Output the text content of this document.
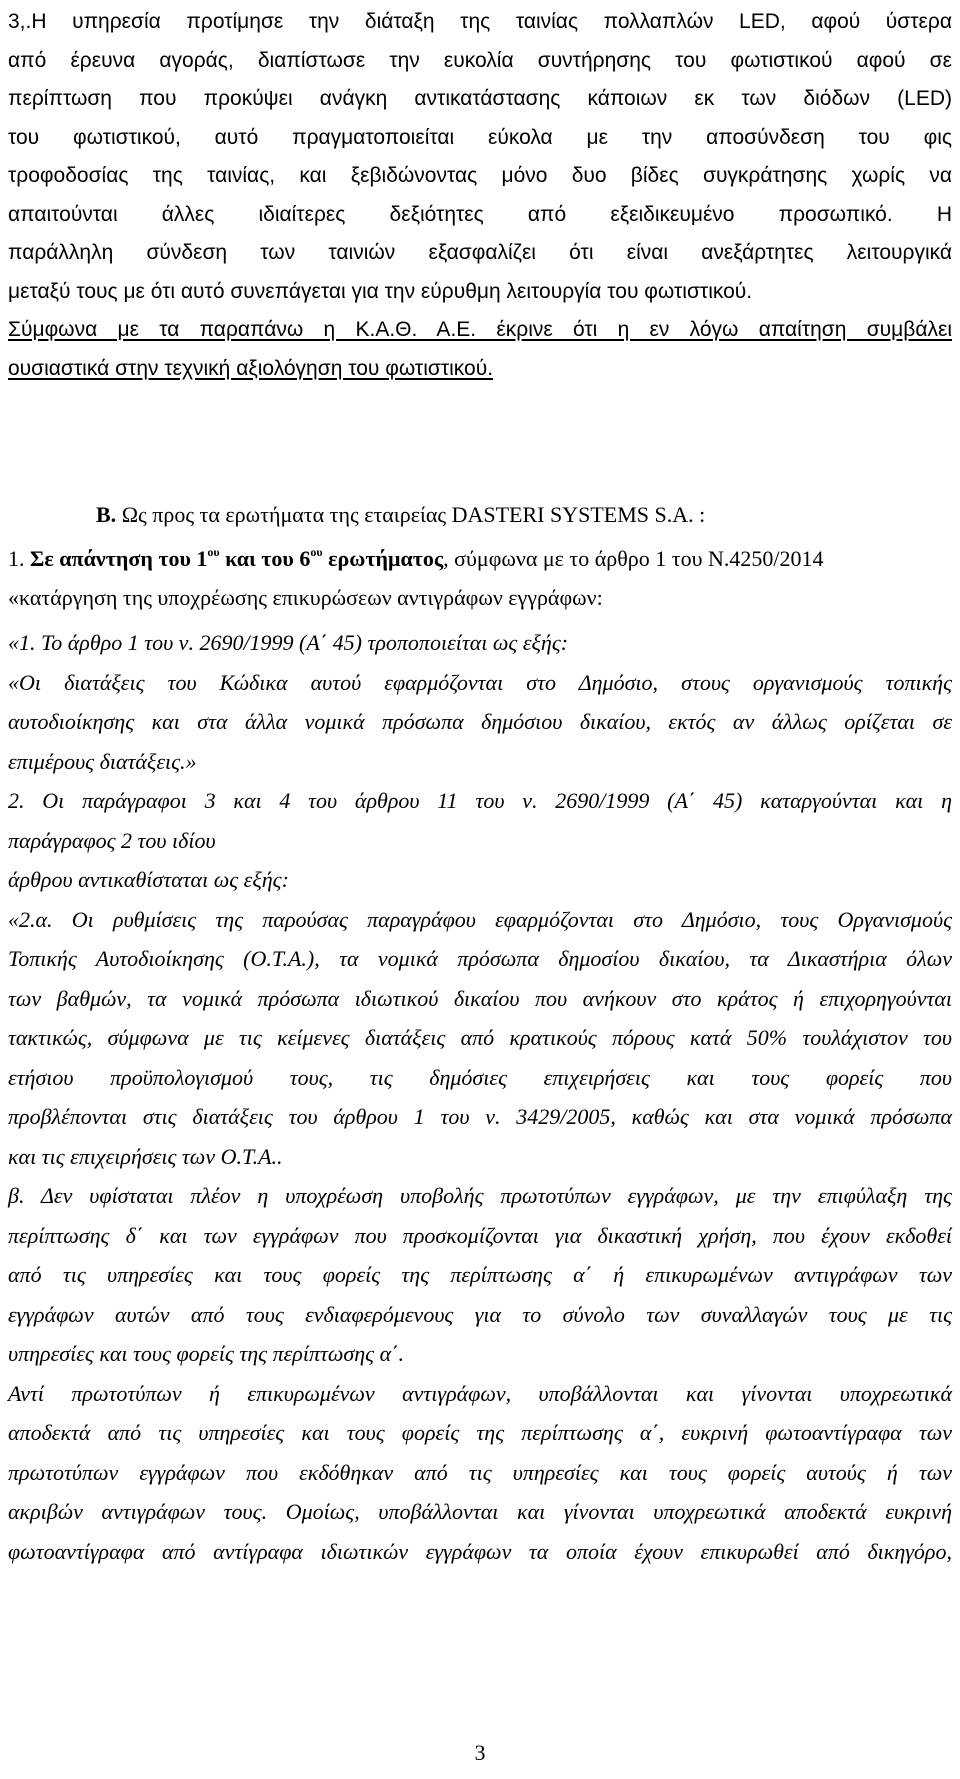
3,.Η υπηρεσία προτίμησε την διάταξη της ταινίας πολλαπλών LED, αφού ύστερα
από έρευνα αγοράς, διαπίστωσε την ευκολία συντήρησης του φωτιστικού αφού σε
περίπτωση που προκύψει ανάγκη αντικατάστασης κάποιων εκ των διόδων (LED)
του φωτιστικού, αυτό πραγματοποιείται εύκολα με την αποσύνδεση του φις
τροφοδοσίας της ταινίας, και ξεβιδώνοντας μόνο δυο βίδες συγκράτησης χωρίς να
απαιτούνται άλλες ιδιαίτερες δεξιότητες από εξειδικευμένο προσωπικό. Η
παράλληλη σύνδεση των ταινιών εξασφαλίζει ότι είναι ανεξάρτητες λειτουργικά
μεταξύ τους με ότι αυτό συνεπάγεται για την εύρυθμη λειτουργία του φωτιστικού.
Σύμφωνα με τα παραπάνω η Κ.Α.Θ. Α.Ε. έκρινε ότι η εν λόγω απαίτηση συμβάλει
ουσιαστικά στην τεχνική αξιολόγηση του φωτιστικού.
B. Ως προς τα ερωτήματα της εταιρείας DASTERI SYSTEMS S.A. :
1. Σε απάντηση του $1^{o\upsilon}$ και του $6^{o\upsilon}$ ερωτήματος, σύμφωνα με το άρθρο 1 του Ν.4250/2014
«κατάργηση της υποχρέωσης επικυρώσεων αντιγράφων εγγράφων:
«1. Το άρθρο 1 του ν. 2690/1999 (Α΄ 45) τροποποιείται ως εξής:
«Οι διατάξεις του Κώδικα αυτού εφαρμόζονται στο Δημόσιο, στους οργανισμούς τοπικής
αυτοδιοίκησης και στα άλλα νομικά πρόσωπα δημόσιου δικαίου, εκτός αν άλλως ορίζεται σε
επιμέρους διατάξεις.»
2. Οι παράγραφοι 3 και 4 του άρθρου 11 του ν. 2690/1999 (Α΄ 45) καταργούνται και η
παράγραφος 2 του ιδίου
άρθρου αντικαθίσταται ως εξής:
«2.α. Οι ρυθμίσεις της παρούσας παραγράφου εφαρμόζονται στο Δημόσιο, τους Οργανισμούς
Τοπικής Αυτοδιοίκησης (Ο.Τ.Α.), τα νομικά πρόσωπα δημοσίου δικαίου, τα Δικαστήρια όλων
των βαθμών, τα νομικά πρόσωπα ιδιωτικού δικαίου που ανήκουν στο κράτος ή επιχορηγούνται
τακτικώς, σύμφωνα με τις κείμενες διατάξεις από κρατικούς πόρους κατά 50% τουλάχιστον του
ετήσιου προϋπολογισμού τους, τις δημόσιες επιχειρήσεις και τους φορείς που
προβλέπονται στις διατάξεις του άρθρου 1 του ν. 3429/2005, καθώς και στα νομικά πρόσωπα
και τις επιχειρήσεις των Ο.Τ.Α..
β. Δεν υφίσταται πλέον η υποχρέωση υποβολής πρωτοτύπων εγγράφων, με την επιφύλαξη της
περίπτωσης δ΄ και των εγγράφων που προσκομίζονται για δικαστική χρήση, που έχουν εκδοθεί
από τις υπηρεσίες και τους φορείς της περίπτωσης α΄ ή επικυρωμένων αντιγράφων των
εγγράφων αυτών από τους ενδιαφερόμενους για το σύνολο των συναλλαγών τους με τις
υπηρεσίες και τους φορείς της περίπτωσης α΄.
Αντί πρωτοτύπων ή επικυρωμένων αντιγράφων, υποβάλλονται και γίνονται υποχρεωτικά
αποδεκτά από τις υπηρεσίες και τους φορείς της περίπτωσης α΄, ευκρινή φωτοαντίγραφα των
πρωτοτύπων εγγράφων που εκδόθηκαν από τις υπηρεσίες και τους φορείς αυτούς ή των
ακριβών αντιγράφων τους. Ομοίως, υποβάλλονται και γίνονται υποχρεωτικά αποδεκτά ευκρινή
φωτοαντίγραφα από αντίγραφα ιδιωτικών εγγράφων τα οποία έχουν επικυρωθεί από δικηγόρο,
3
